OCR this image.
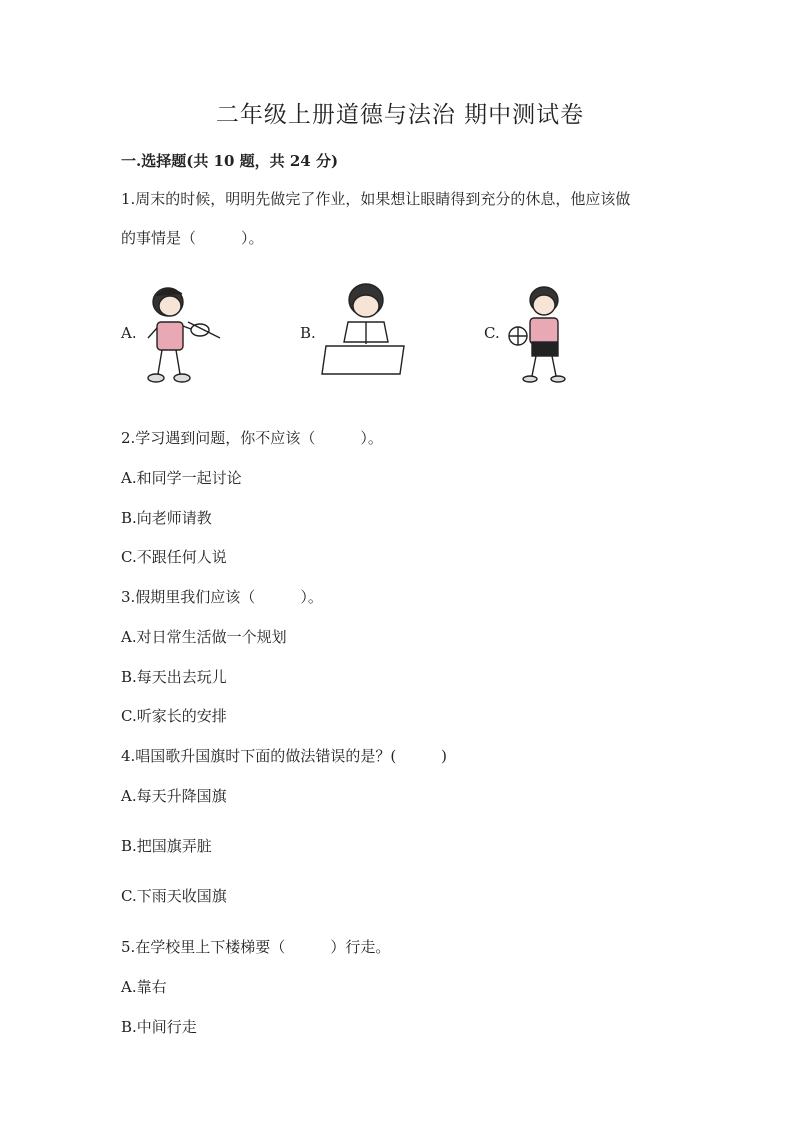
二年级上册道德与法治 期中测试卷
一.选择题(共 10 题，共 24 分)
1.周末的时候，明明先做完了作业，如果想让眼睛得到充分的休息，他应该做
的事情是（　　　）。
A.	B.	C.
2.学习遇到问题，你不应该（　　　）。
A.和同学一起讨论
B.向老师请教
C.不跟任何人说
3.假期里我们应该（　　　）。
A.对日常生活做一个规划
B.每天出去玩儿
C.听家长的安排
4.唱国歌升国旗时下面的做法错误的是？(　　　)
A.每天升降国旗
B.把国旗弄脏
C.下雨天收国旗
5.在学校里上下楼梯要（　　　）行走。
A.靠右
B.中间行走
